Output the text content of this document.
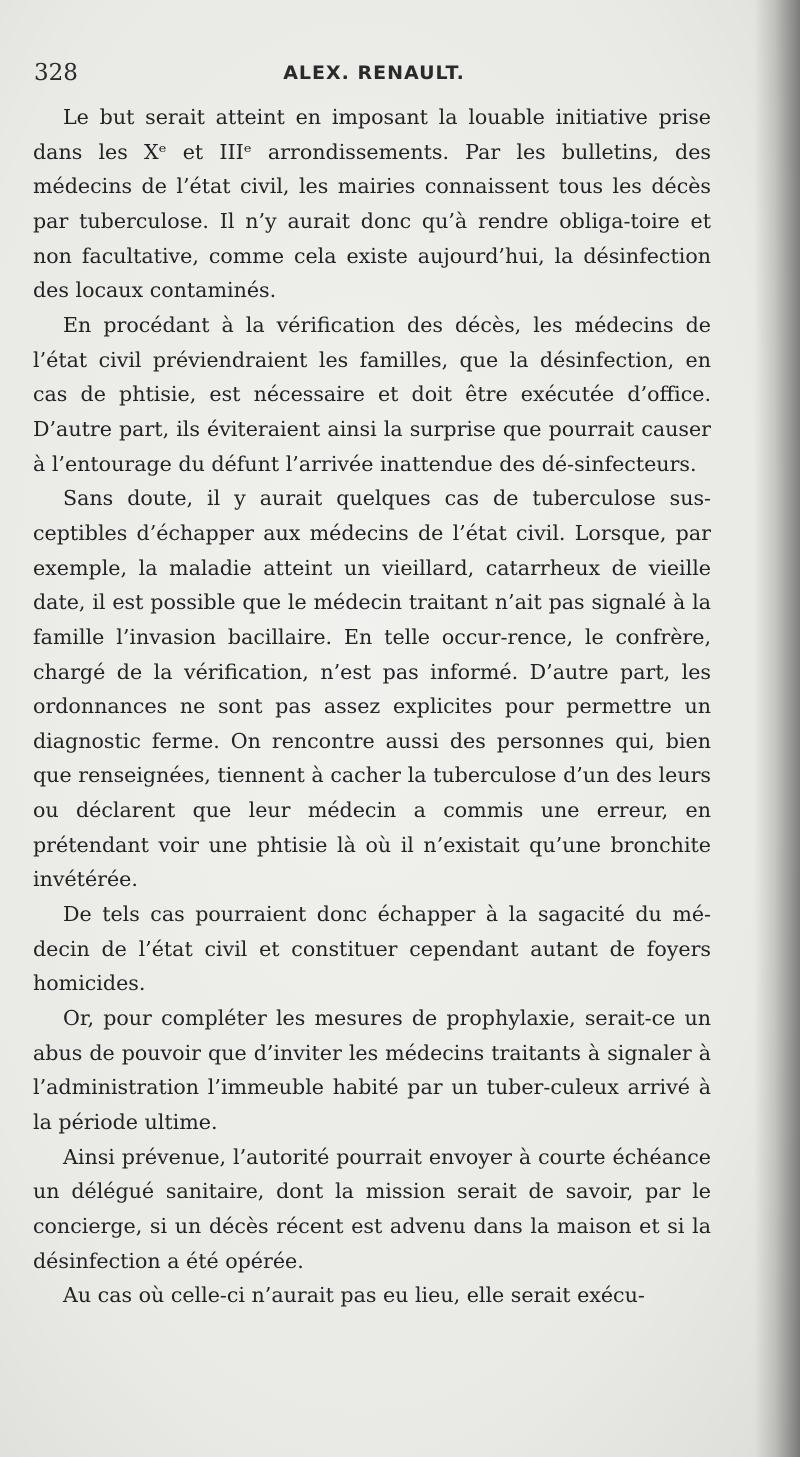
328	ALEX. RENAULT.

Le but serait atteint en imposant la louable initiative prise dans les Xᵉ et IIIᵉ arrondissements. Par les bulletins, des médecins de l’état civil, les mairies connaissent tous les décès par tuberculose. Il n’y aurait donc qu’à rendre obliga-toire et non facultative, comme cela existe aujourd’hui, la désinfection des locaux contaminés.

En procédant à la vérification des décès, les médecins de l’état civil préviendraient les familles, que la désinfection, en cas de phtisie, est nécessaire et doit être exécutée d’office. D’autre part, ils éviteraient ainsi la surprise que pourrait causer à l’entourage du défunt l’arrivée inattendue des dé-sinfecteurs.

Sans doute, il y aurait quelques cas de tuberculose sus-ceptibles d’échapper aux médecins de l’état civil. Lorsque, par exemple, la maladie atteint un vieillard, catarrheux de vieille date, il est possible que le médecin traitant n’ait pas signalé à la famille l’invasion bacillaire. En telle occur-rence, le confrère, chargé de la vérification, n’est pas informé. D’autre part, les ordonnances ne sont pas assez explicites pour permettre un diagnostic ferme. On rencontre aussi des personnes qui, bien que renseignées, tiennent à cacher la tuberculose d’un des leurs ou déclarent que leur médecin a commis une erreur, en prétendant voir une phtisie là où il n’existait qu’une bronchite invétérée.

De tels cas pourraient donc échapper à la sagacité du mé-decin de l’état civil et constituer cependant autant de foyers homicides.

Or, pour compléter les mesures de prophylaxie, serait-ce un abus de pouvoir que d’inviter les médecins traitants à signaler à l’administration l’immeuble habité par un tuber-culeux arrivé à la période ultime.

Ainsi prévenue, l’autorité pourrait envoyer à courte échéance un délégué sanitaire, dont la mission serait de savoir, par le concierge, si un décès récent est advenu dans la maison et si la désinfection a été opérée.

Au cas où celle-ci n’aurait pas eu lieu, elle serait exécu-
